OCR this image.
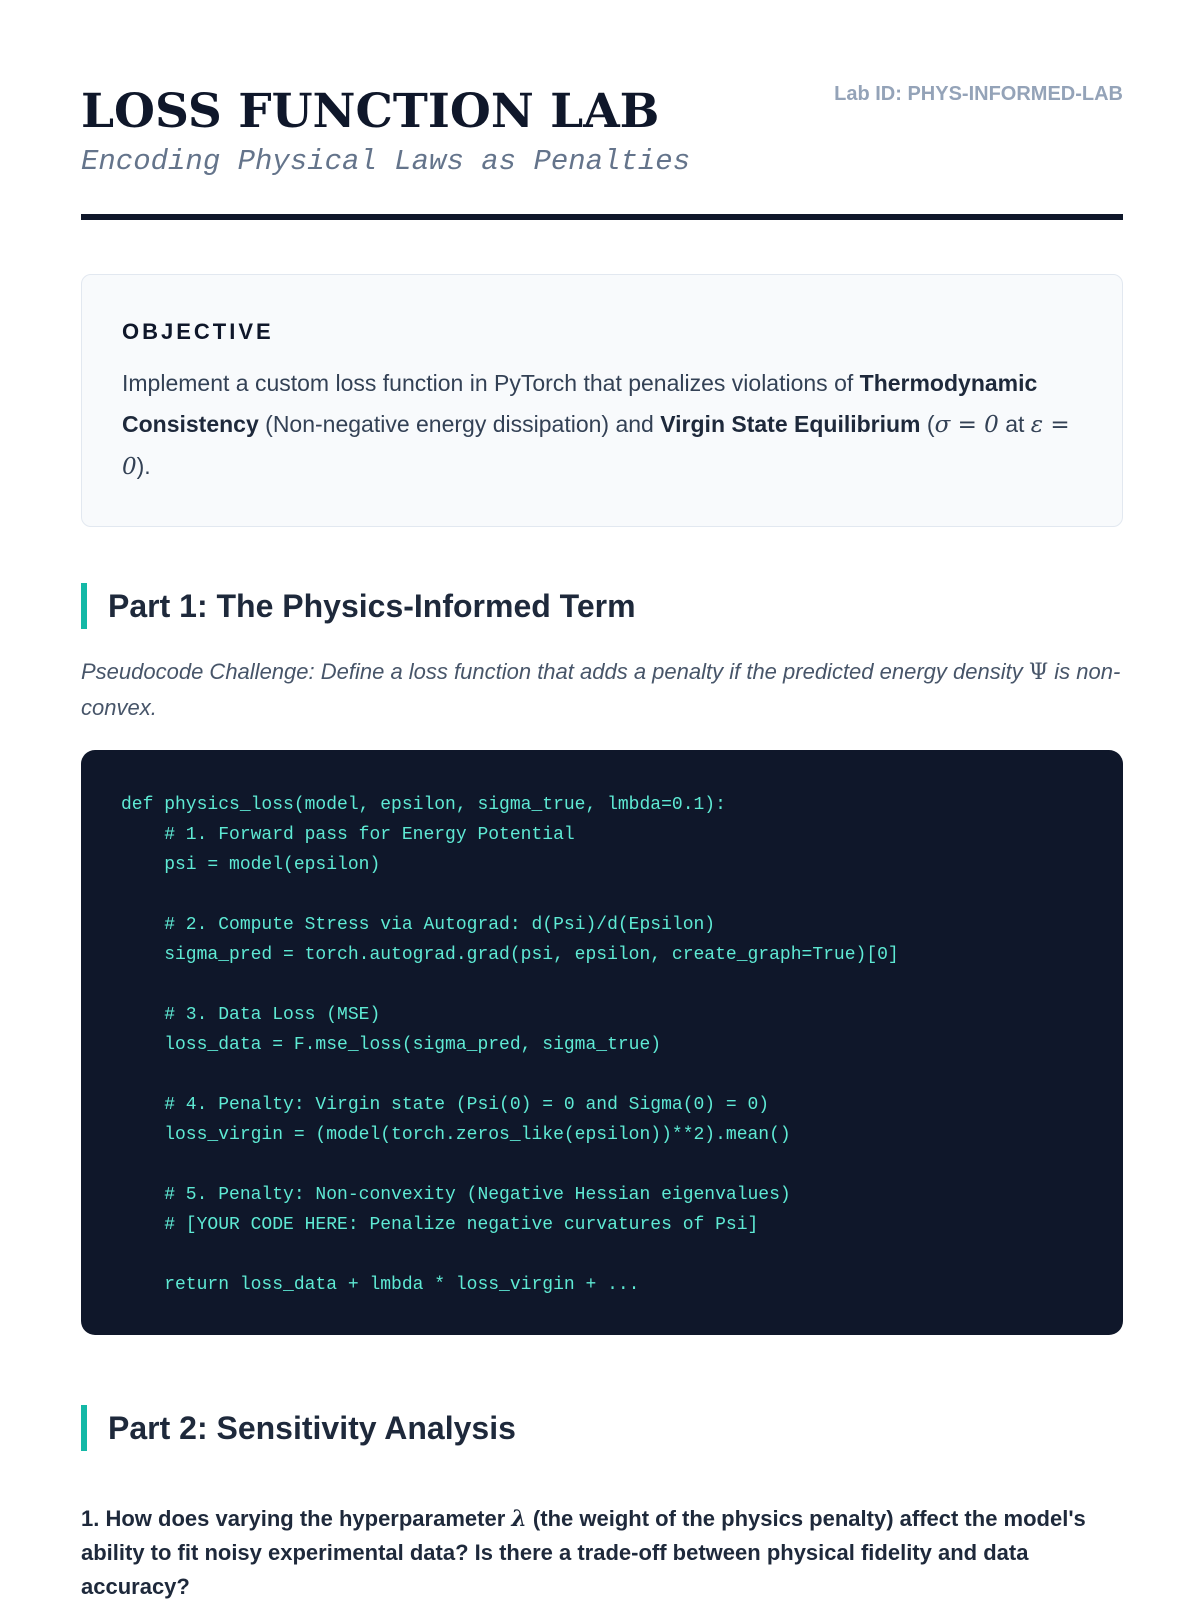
LOSS FUNCTION LAB
Encoding Physical Laws as Penalties
Lab ID: PHYS-INFORMED-LAB
OBJECTIVE

Implement a custom loss function in PyTorch that penalizes violations of Thermodynamic Consistency (Non-negative energy dissipation) and Virgin State Equilibrium (σ = 0 at ε = 0).

Part 1: The Physics-Informed Term

Pseudocode Challenge: Define a loss function that adds a penalty if the predicted energy density Ψ is non-convex.

def physics_loss(model, epsilon, sigma_true, lmbda=0.1):
# 1. Forward pass for Energy Potential
psi = model(epsilon)
# 2. Compute Stress via Autograd: d(Psi)/d(Epsilon)
sigma_pred = torch.autograd.grad(psi, epsilon, create_graph=True)[0]
# 3. Data Loss (MSE)
loss_data = F.mse_loss(sigma_pred, sigma_true)
# 4. Penalty: Virgin state (Psi(0) = 0 and Sigma(0) = 0)
loss_virgin = (model(torch.zeros_like(epsilon))**2).mean()
# 5. Penalty: Non-convexity (Negative Hessian eigenvalues)
# [YOUR CODE HERE: Penalize negative curvatures of Psi]
return loss_data + lmbda * loss_virgin + ...
Part 2: Sensitivity Analysis

1. How does varying the hyperparameter λ (the weight of the physics penalty) affect the model's ability to fit noisy experimental data? Is there a trade-off between physical fidelity and data accuracy?
